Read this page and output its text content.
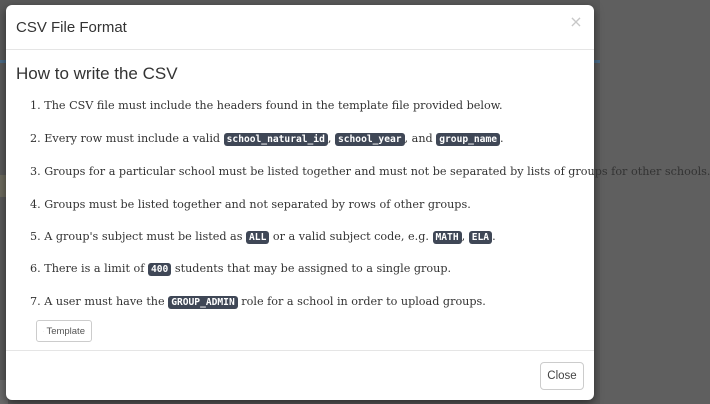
CSV File Format	×
How to write the CSV
1. The CSV file must include the headers found in the template file provided below.
2. Every row must include a valid school_natural_id , school_year , and group_name .
3. Groups for a particular school must be listed together and must not be separated by lists of groups for other schools.
4. Groups must be listed together and not separated by rows of other groups.
5. A group's subject must be listed as ALL or a valid subject code, e.g. MATH , ELA .
6. There is a limit of 400 students that may be assigned to a single group.
7. A user must have the GROUP_ADMIN role for a school in order to upload groups.
Template
Close
